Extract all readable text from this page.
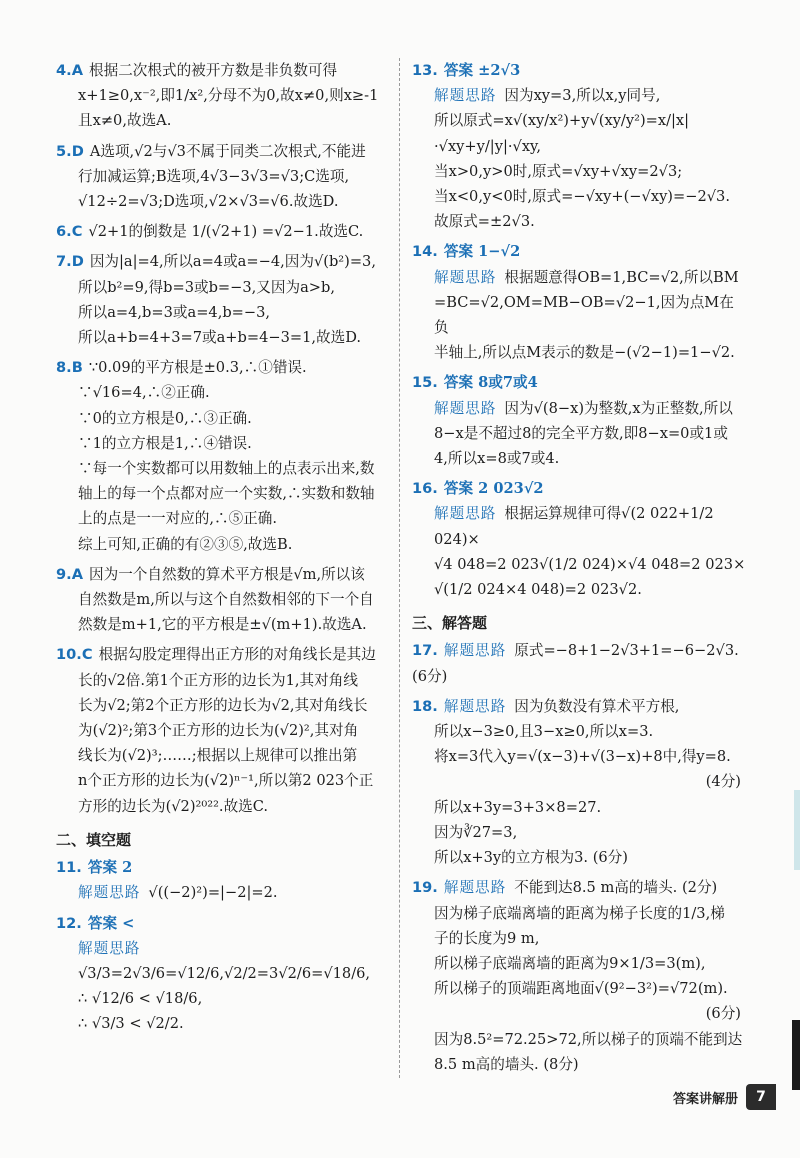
4.A 根据二次根式的被开方数是非负数可得

x+1≥0,x⁻²,即1/x²,分母不为0,故x≠0,则x≥-1

且x≠0,故选A.

5.D A选项,√2与√3不属于同类二次根式,不能进

行加减运算;B选项,4√3−3√3=√3;C选项,

√12÷2=√3;D选项,√2×√3=√6.故选D.

6.C √2+1的倒数是 1/(√2+1) =√2−1.故选C.

7.D 因为|a|=4,所以a=4或a=−4,因为√(b²)=3,

所以b²=9,得b=3或b=−3,又因为a>b,

所以a=4,b=3或a=4,b=−3,

所以a+b=4+3=7或a+b=4−3=1,故选D.

8.B ∵0.09的平方根是±0.3,∴①错误.

∵√16=4,∴②正确.

∵0的立方根是0,∴③正确.

∵1的立方根是1,∴④错误.

∵每一个实数都可以用数轴上的点表示出来,数

轴上的每一个点都对应一个实数,∴实数和数轴

上的点是一一对应的,∴⑤正确.

综上可知,正确的有②③⑤,故选B.

9.A 因为一个自然数的算术平方根是√m,所以该

自然数是m,所以与这个自然数相邻的下一个自

然数是m+1,它的平方根是±√(m+1).故选A.

10.C 根据勾股定理得出正方形的对角线长是其边

长的√2倍.第1个正方形的边长为1,其对角线

长为√2;第2个正方形的边长为√2,其对角线长

为(√2)²;第3个正方形的边长为(√2)²,其对角

线长为(√2)³;……;根据以上规律可以推出第

n个正方形的边长为(√2)ⁿ⁻¹,所以第2 023个正

方形的边长为(√2)²⁰²².故选C.

二、填空题

11. 答案 2

解题思路 √((−2)²)=|−2|=2.

12. 答案 <

解题思路√3/3=2√3/6=√12/6,√2/2=3√2/6=√18/6,

∴ √12/6 < √18/6,

∴ √3/3 < √2/2.

13. 答案 ±2√3

解题思路 因为xy=3,所以x,y同号,

所以原式=x√(xy/x²)+y√(xy/y²)=x/|x|·√xy+y/|y|·√xy,

当x>0,y>0时,原式=√xy+√xy=2√3;

当x<0,y<0时,原式=−√xy+(−√xy)=−2√3.

故原式=±2√3.

14. 答案 1−√2

解题思路 根据题意得OB=1,BC=√2,所以BM

=BC=√2,OM=MB−OB=√2−1,因为点M在负

半轴上,所以点M表示的数是−(√2−1)=1−√2.

15. 答案 8或7或4

解题思路 因为√(8−x)为整数,x为正整数,所以

8−x是不超过8的完全平方数,即8−x=0或1或

4,所以x=8或7或4.

16. 答案 2 023√2

解题思路 根据运算规律可得√(2 022+1/2 024)×

√4 048=2 023√(1/2 024)×√4 048=2 023×

√(1/2 024×4 048)=2 023√2.

三、解答题

17. 解题思路 原式=−8+1−2√3+1=−6−2√3.(6分)

18. 解题思路 因为负数没有算术平方根,

所以x−3≥0,且3−x≥0,所以x=3.

将x=3代入y=√(x−3)+√(3−x)+8中,得y=8.

(4分)

所以x+3y=3+3×8=27.

因为∛27=3,

所以x+3y的立方根为3. (6分)

19. 解题思路 不能到达8.5 m高的墙头. (2分)

因为梯子底端离墙的距离为梯子长度的1/3,梯

子的长度为9 m,

所以梯子底端离墙的距离为9×1/3=3(m),

所以梯子的顶端距离地面√(9²−3²)=√72(m).

(6分)

因为8.5²=72.25>72,所以梯子的顶端不能到达

8.5 m高的墙头. (8分)

答案讲解册	7
